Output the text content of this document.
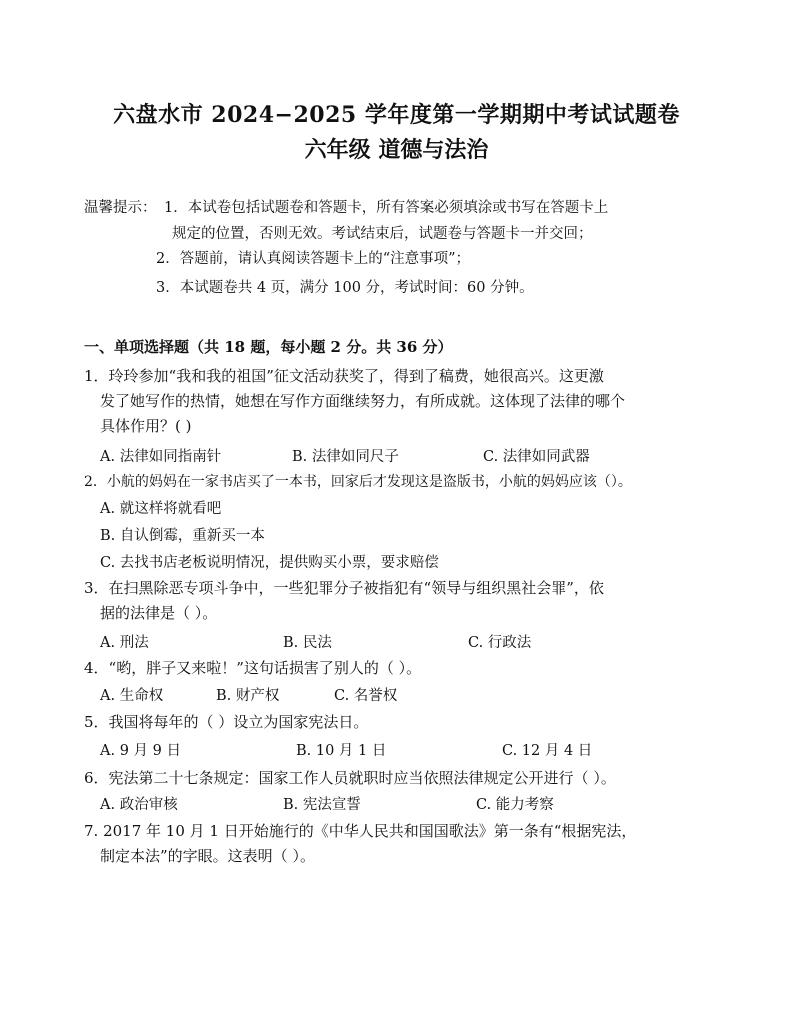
六盘水市 2024−2025 学年度第一学期期中考试试题卷
六年级 道德与法治
温馨提示： 1．本试卷包括试题卷和答题卡，所有答案必须填涂或书写在答题卡上
规定的位置，否则无效。考试结束后，试题卷与答题卡一并交回；
2．答题前，请认真阅读答题卡上的“注意事项”；
3．本试题卷共 4 页，满分 100 分，考试时间：60 分钟。
一、单项选择题（共 18 题，每小题 2 分。共 36 分）
1．玲玲参加“我和我的祖国”征文活动获奖了，得到了稿费，她很高兴。这更激
发了她写作的热情，她想在写作方面继续努力，有所成就。这体现了法律的哪个
具体作用？( )
A. 法律如同指南针	B. 法律如同尺子	C. 法律如同武器
2．小航的妈妈在一家书店买了一本书，回家后才发现这是盗版书，小航的妈妈应该（）。
A. 就这样将就看吧
B. 自认倒霉，重新买一本
C. 去找书店老板说明情况，提供购买小票，要求赔偿
3．在扫黑除恶专项斗争中，一些犯罪分子被指犯有“领导与组织黑社会罪”，依
据的法律是（ ）。
A. 刑法	B. 民法	C. 行政法
4．“哟，胖子又来啦！”这句话损害了别人的（ ）。
A. 生命权	B. 财产权	C. 名誉权
5．我国将每年的（ ）设立为国家宪法日。
A. 9 月 9 日	B. 10 月 1 日	C. 12 月 4 日
6．宪法第二十七条规定：国家工作人员就职时应当依照法律规定公开进行（ ）。
A. 政治审核	B. 宪法宣誓	C. 能力考察
7. 2017 年 10 月 1 日开始施行的《中华人民共和国国歌法》第一条有“根据宪法，
制定本法”的字眼。这表明（ ）。
